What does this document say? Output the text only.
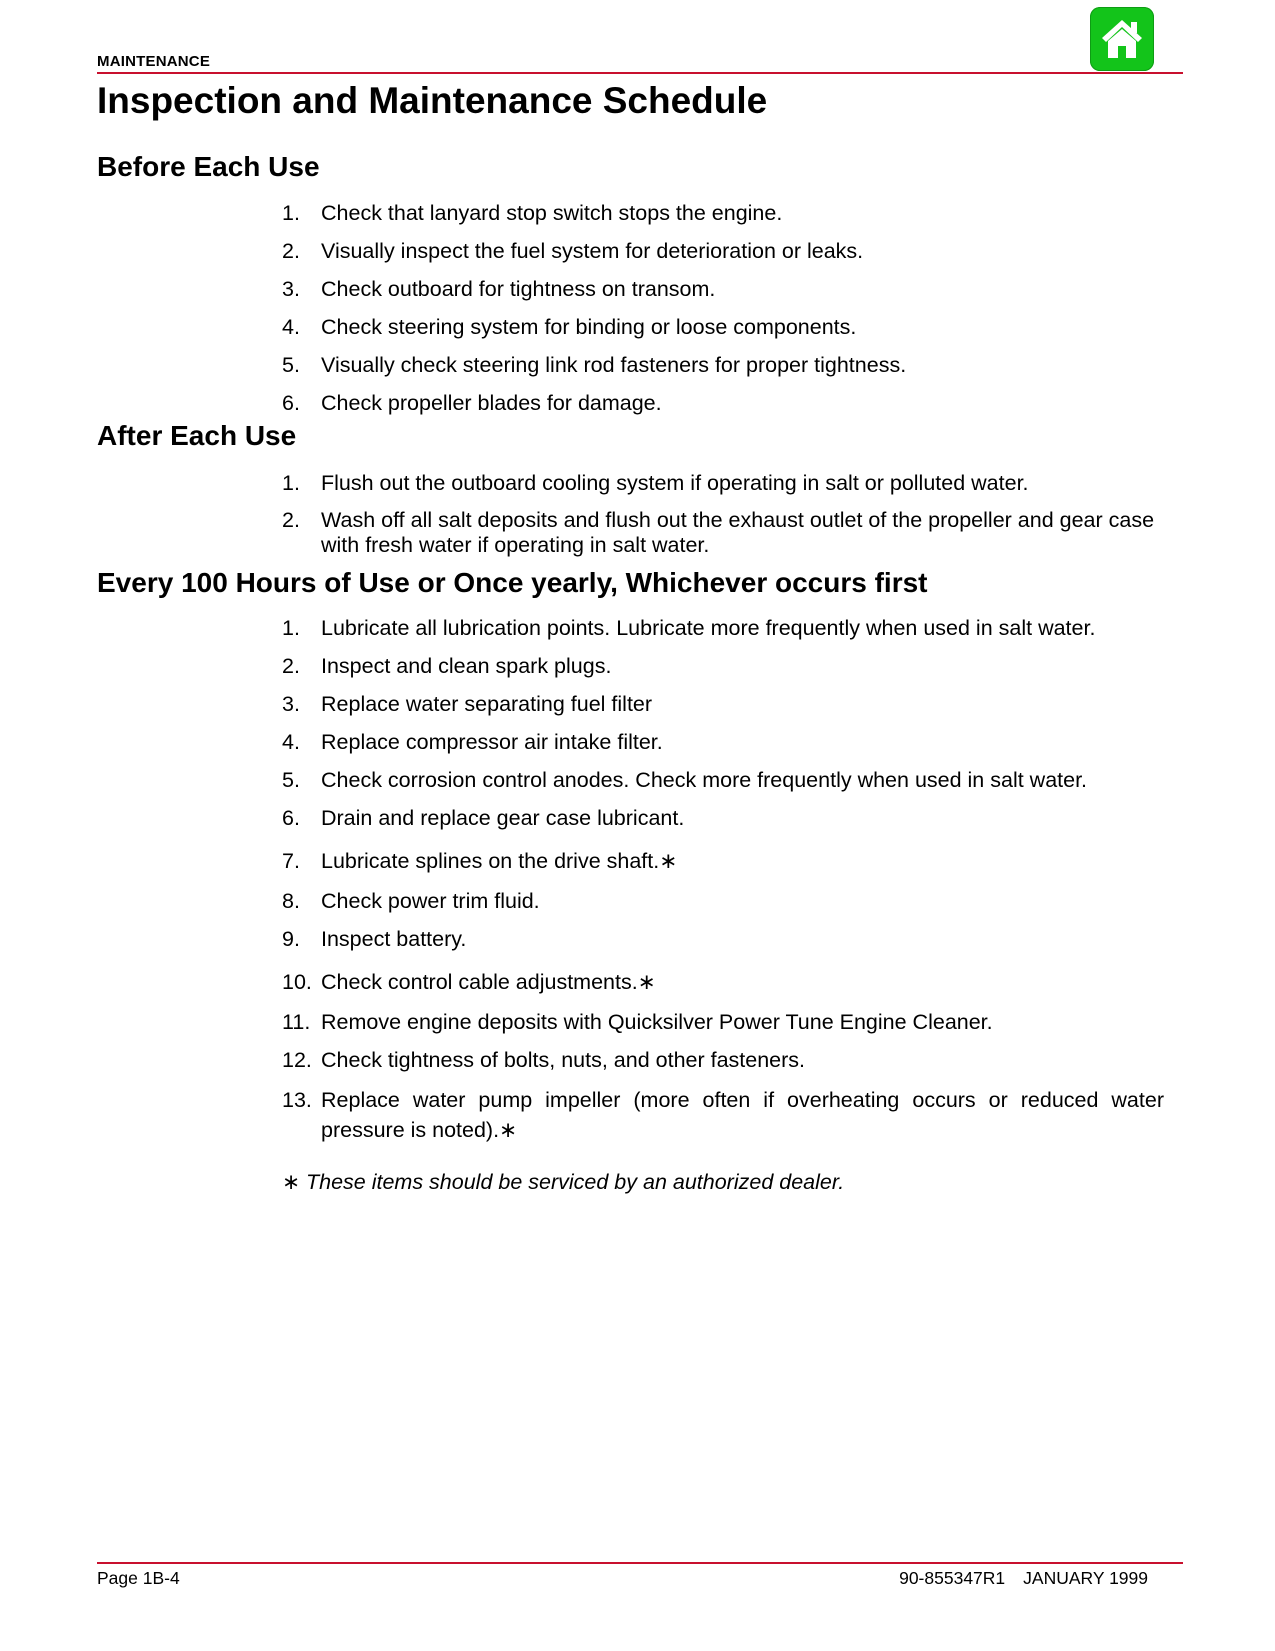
MAINTENANCE
Inspection and Maintenance Schedule
Before Each Use
1. Check that lanyard stop switch stops the engine.
2. Visually inspect the fuel system for deterioration or leaks.
3. Check outboard for tightness on transom.
4. Check steering system for binding or loose components.
5. Visually check steering link rod fasteners for proper tightness.
6. Check propeller blades for damage.
After Each Use
1. Flush out the outboard cooling system if operating in salt or polluted water.
2. Wash off all salt deposits and flush out the exhaust outlet of the propeller and gear case with fresh water if operating in salt water.
Every 100 Hours of Use or Once yearly, Whichever occurs first
1. Lubricate all lubrication points. Lubricate more frequently when used in salt water.
2. Inspect and clean spark plugs.
3. Replace water separating fuel filter
4. Replace compressor air intake filter.
5. Check corrosion control anodes. Check more frequently when used in salt water.
6. Drain and replace gear case lubricant.
7. Lubricate splines on the drive shaft.∗
8. Check power trim fluid.
9. Inspect battery.
10. Check control cable adjustments.∗
11. Remove engine deposits with Quicksilver Power Tune Engine Cleaner.
12. Check tightness of bolts, nuts, and other fasteners.
13. Replace water pump impeller (more often if overheating occurs or reduced water pressure is noted).∗
∗ These items should be serviced by an authorized dealer.
Page 1B-4	90-855347R1 JANUARY 1999
